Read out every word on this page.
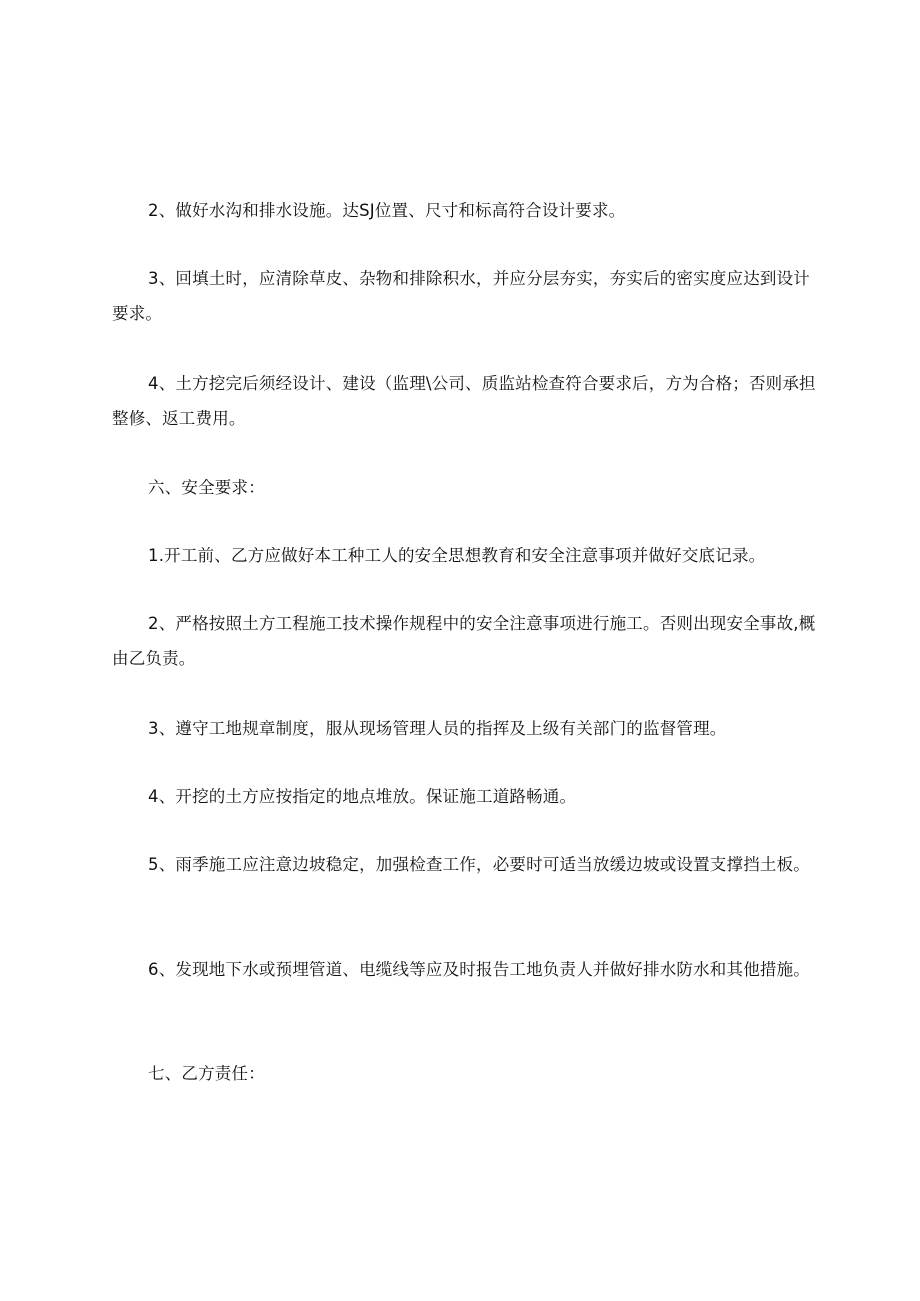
2、做好水沟和排水设施。达SJ位置、尺寸和标高符合设计要求。

3、回填土时，应清除草皮、杂物和排除积水，并应分层夯实，夯实后的密实度应达到设计要求。

4、土方挖完后须经设计、建设（监理\公司、质监站检查符合要求后，方为合格；否则承担整修、返工费用。

六、安全要求：

1.开工前、乙方应做好本工种工人的安全思想教育和安全注意事项并做好交底记录。

2、严格按照土方工程施工技术操作规程中的安全注意事项进行施工。否则出现安全事故,概由乙负责。

3、遵守工地规章制度，服从现场管理人员的指挥及上级有关部门的监督管理。

4、开挖的土方应按指定的地点堆放。保证施工道路畅通。

5、雨季施工应注意边坡稳定，加强检查工作，必要时可适当放缓边坡或设置支撑挡土板。

6、发现地下水或预埋管道、电缆线等应及时报告工地负责人并做好排水防水和其他措施。

七、乙方责任：
